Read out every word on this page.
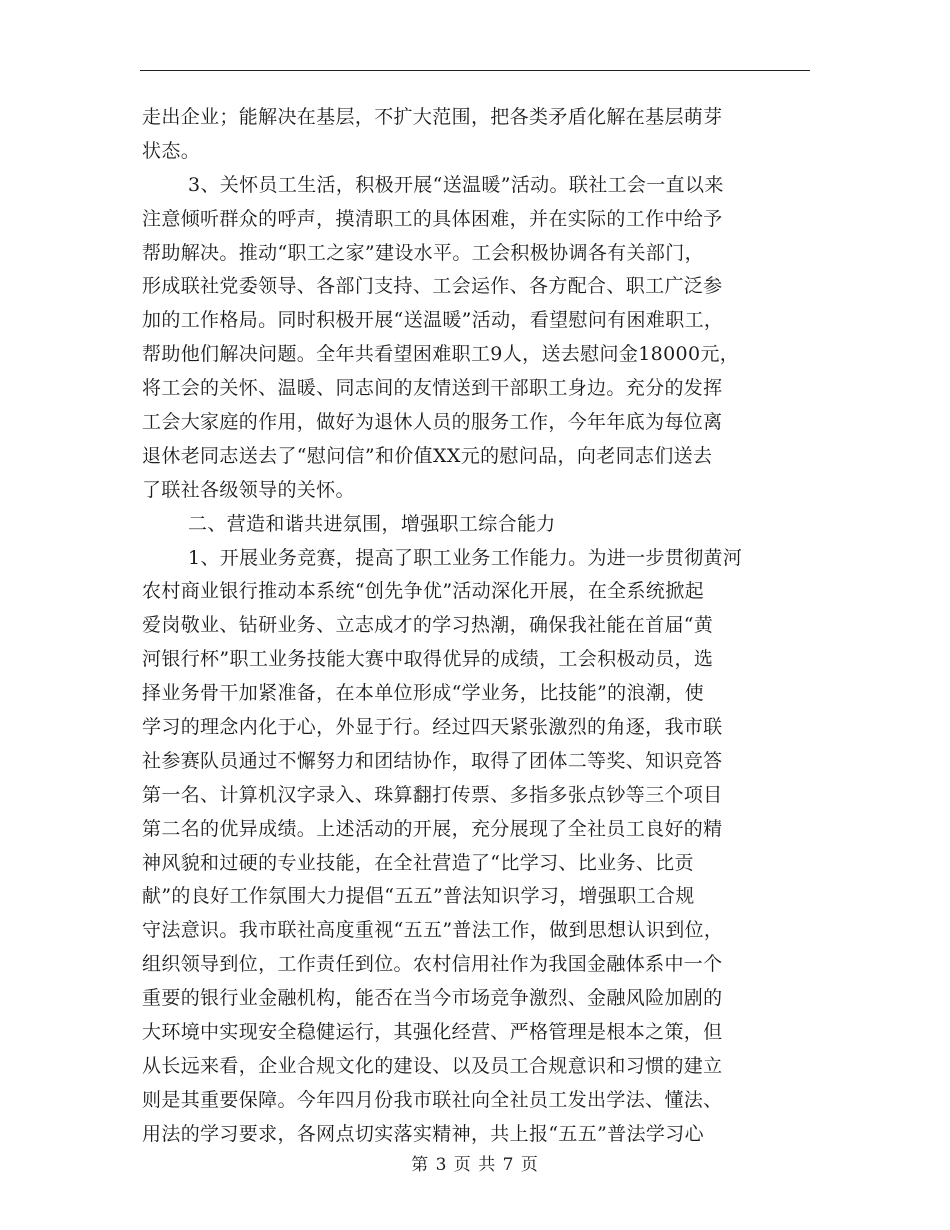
走出企业；能解决在基层，不扩大范围，把各类矛盾化解在基层萌芽
状态。
3、关怀员工生活，积极开展“送温暖”活动。联社工会一直以来
注意倾听群众的呼声，摸清职工的具体困难，并在实际的工作中给予
帮助解决。推动“职工之家”建设水平。工会积极协调各有关部门，
形成联社党委领导、各部门支持、工会运作、各方配合、职工广泛参
加的工作格局。同时积极开展“送温暖”活动，看望慰问有困难职工，
帮助他们解决问题。全年共看望困难职工9人，送去慰问金18000元，
将工会的关怀、温暖、同志间的友情送到干部职工身边。充分的发挥
工会大家庭的作用，做好为退休人员的服务工作，今年年底为每位离
退休老同志送去了“慰问信”和价值XX元的慰问品，向老同志们送去
了联社各级领导的关怀。
二、营造和谐共进氛围，增强职工综合能力
1、开展业务竞赛，提高了职工业务工作能力。为进一步贯彻黄河
农村商业银行推动本系统“创先争优”活动深化开展，在全系统掀起
爱岗敬业、钻研业务、立志成才的学习热潮，确保我社能在首届“黄
河银行杯”职工业务技能大赛中取得优异的成绩，工会积极动员，选
择业务骨干加紧准备，在本单位形成“学业务，比技能”的浪潮，使
学习的理念内化于心，外显于行。经过四天紧张激烈的角逐，我市联
社参赛队员通过不懈努力和团结协作，取得了团体二等奖、知识竞答
第一名、计算机汉字录入、珠算翻打传票、多指多张点钞等三个项目
第二名的优异成绩。上述活动的开展，充分展现了全社员工良好的精
神风貌和过硬的专业技能，在全社营造了“比学习、比业务、比贡
献”的良好工作氛围大力提倡“五五”普法知识学习，增强职工合规
守法意识。我市联社高度重视“五五”普法工作，做到思想认识到位，
组织领导到位，工作责任到位。农村信用社作为我国金融体系中一个
重要的银行业金融机构，能否在当今市场竞争激烈、金融风险加剧的
大环境中实现安全稳健运行，其强化经营、严格管理是根本之策，但
从长远来看，企业合规文化的建设、以及员工合规意识和习惯的建立
则是其重要保障。今年四月份我市联社向全社员工发出学法、懂法、
用法的学习要求，各网点切实落实精神，共上报“五五”普法学习心
第 3 页 共 7 页
